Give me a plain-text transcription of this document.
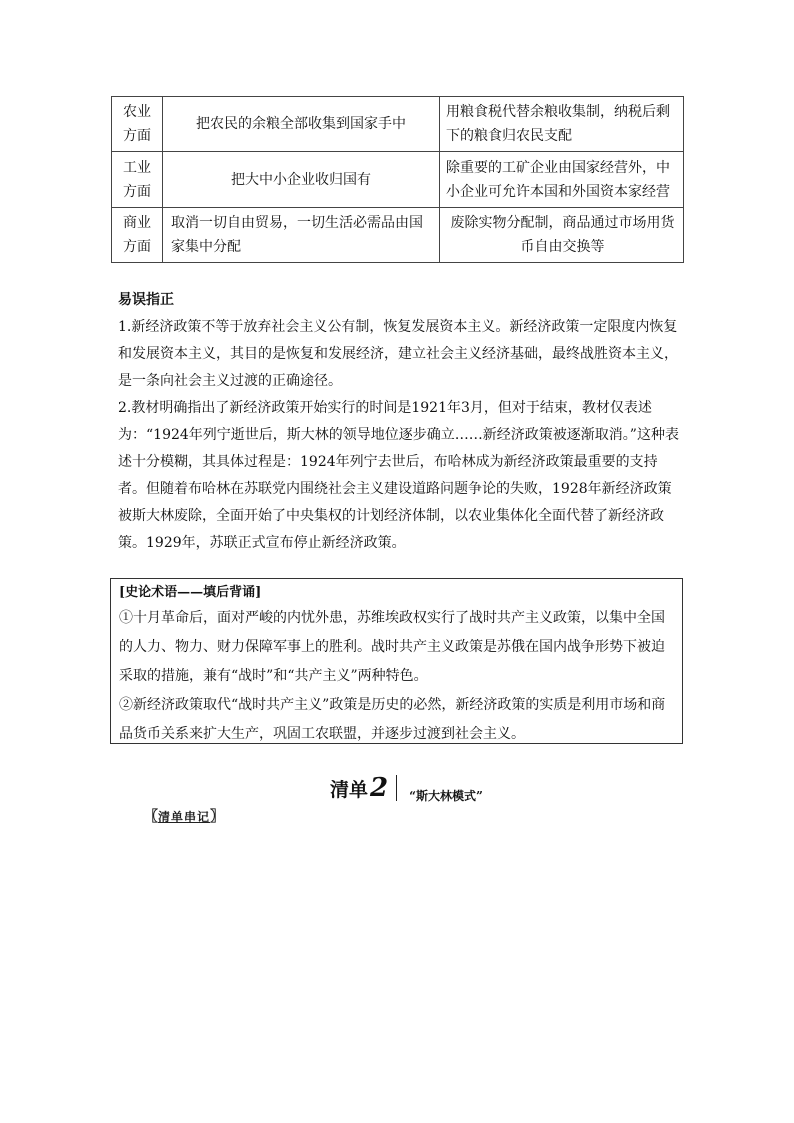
农业
方面	把农民的余粮全部收集到国家手中	用粮食税代替余粮收集制，纳税后剩下的粮食归农民支配
工业
方面	把大中小企业收归国有	除重要的工矿企业由国家经营外，中小企业可允许本国和外国资本家经营
商业
方面	取消一切自由贸易，一切生活必需品由国家集中分配	废除实物分配制，商品通过市场用货币自由交换等
易误指正

1.新经济政策不等于放弃社会主义公有制，恢复发展资本主义。新经济政策一定限度内恢复和发展资本主义，其目的是恢复和发展经济，建立社会主义经济基础，最终战胜资本主义，是一条向社会主义过渡的正确途径。

2.教材明确指出了新经济政策开始实行的时间是1921年3月，但对于结束，教材仅表述为：“1924年列宁逝世后，斯大林的领导地位逐步确立……新经济政策被逐渐取消。”这种表述十分模糊，其具体过程是：1924年列宁去世后，布哈林成为新经济政策最重要的支持者。但随着布哈林在苏联党内围绕社会主义建设道路问题争论的失败，1928年新经济政策被斯大林废除，全面开始了中央集权的计划经济体制，以农业集体化全面代替了新经济政策。1929年，苏联正式宣布停止新经济政策。

[史论术语——填后背诵]

①十月革命后，面对严峻的内忧外患，苏维埃政权实行了战时共产主义政策，以集中全国的人力、物力、财力保障军事上的胜利。战时共产主义政策是苏俄在国内战争形势下被迫采取的措施，兼有“战时”和“共产主义”两种特色。

②新经济政策取代“战时共产主义”政策是历史的必然，新经济政策的实质是利用市场和商品货币关系来扩大生产，巩固工农联盟，并逐步过渡到社会主义。

清单 2 “斯大林模式”
〖清单串记〗
